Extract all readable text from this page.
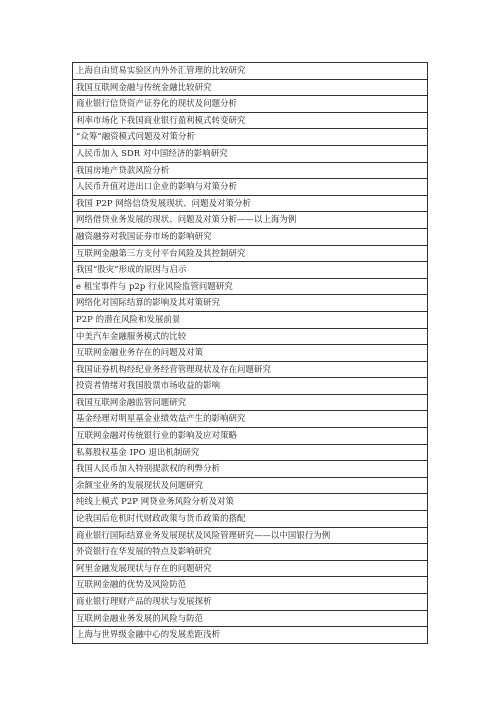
上海自由贸易实验区内外外汇管理的比较研究
我国互联网金融与传统金融比较研究
商业银行信贷资产证券化的现状及问题分析
利率市场化下我国商业银行盈利模式转变研究
“众筹”融资模式问题及对策分析
人民币加入 SDR 对中国经济的影响研究
我国房地产贷款风险分析
人民币升值对进出口企业的影响与对策分析
我国 P2P 网络信贷发展现状、问题及对策分析
网络借贷业务发展的现状、问题及对策分析——以上海为例
融资融券对我国证券市场的影响研究
互联网金融第三方支付平台风险及其控制研究
我国“股灾”形成的原因与启示
e 租宝事件与 p2p 行业风险监管问题研究
网络化对国际结算的影响及其对策研究
P2P 的潜在风险和发展前景
中美汽车金融服务模式的比较
互联网金融业务存在的问题及对策
我国证券机构经纪业务经营管理现状及存在问题研究
投资者情绪对我国股票市场收益的影响
我国互联网金融监管问题研究
基金经理对明星基金业绩效益产生的影响研究
互联网金融对传统银行业的影响及应对策略
私募股权基金 IPO 退出机制研究
我国人民币加入特别提款权的利弊分析
余额宝业务的发展现状及问题研究
纯线上模式 P2P 网贷业务风险分析及对策
论我国后危机时代财政政策与货币政策的搭配
商业银行国际结算业务发展现状及风险管理研究——以中国银行为例
外资银行在华发展的特点及影响研究
阿里金融发展现状与存在的问题研究
互联网金融的优势及风险防范
商业银行理财产品的现状与发展探析
互联网金融业务发展的风险与防范
上海与世界级金融中心的发展差距浅析
